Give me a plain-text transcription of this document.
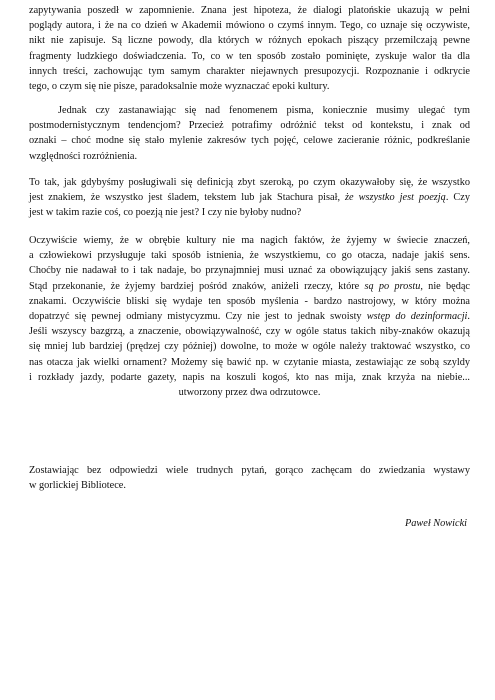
zapytywania poszedł w zapomnienie. Znana jest hipoteza, że dialogi platońskie ukazują w pełni
poglądy autora, i że na co dzień w Akademii mówiono o czymś innym. Tego, co uznaje się oczywiste,
nikt nie zapisuje. Są liczne powody, dla których w różnych epokach piszący przemilczają pewne
fragmenty ludzkiego doświadczenia. To, co w ten sposób zostało pominięte, zyskuje walor tła dla
innych treści, zachowując tym samym charakter niejawnych presupozycji. Rozpoznanie i odkrycie
tego, o czym się nie pisze, paradoksalnie może wyznaczać epoki kultury.
Jednak czy zastanawiając się nad fenomenem pisma, koniecznie musimy ulegać tym
postmodernistycznym tendencjom? Przecież potrafimy odróżnić tekst od kontekstu, i znak od
oznaki – choć modne się stało mylenie zakresów tych pojęć, celowe zacieranie różnic, podkreślanie
względności rozróżnienia.
To tak, jak gdybyśmy posługiwali się definicją zbyt szeroką, po czym okazywałoby się, że wszystko
jest znakiem, że wszystko jest śladem, tekstem lub jak Stachura pisał, że wszystko jest poezją. Czy
jest w takim razie coś, co poezją nie jest? I czy nie byłoby nudno?
Oczywiście wiemy, że w obrębie kultury nie ma nagich faktów, że żyjemy w świecie znaczeń,
a człowiekowi przysługuje taki sposób istnienia, że wszystkiemu, co go otacza, nadaje jakiś sens.
Choćby nie nadawał to i tak nadaje, bo przynajmniej musi uznać za obowiązujący jakiś sens zastany.
Stąd przekonanie, że żyjemy bardziej pośród znaków, aniżeli rzeczy, które są po prostu, nie będąc
znakami. Oczywiście bliski się wydaje ten sposób myślenia - bardzo nastrojowy, w który można
dopatrzyć się pewnej odmiany mistycyzmu. Czy nie jest to jednak swoisty wstęp do dezinformacji.
Jeśli wszyscy bazgrzą, a znaczenie, obowiązywalność, czy w ogóle status takich niby-znaków okazują
się mniej lub bardziej (prędzej czy później) dowolne, to może w ogóle należy traktować wszystko, co
nas otacza jak wielki ornament? Możemy się bawić np. w czytanie miasta, zestawiając ze sobą szyldy
i rozkłady jazdy, podarte gazety, napis na koszuli kogoś, kto nas mija, znak krzyża na niebie...
utworzony przez dwa odrzutowce.
Zostawiając bez odpowiedzi wiele trudnych pytań, gorąco zachęcam do zwiedzania wystawy
w gorlickiej Bibliotece.
Paweł Nowicki
